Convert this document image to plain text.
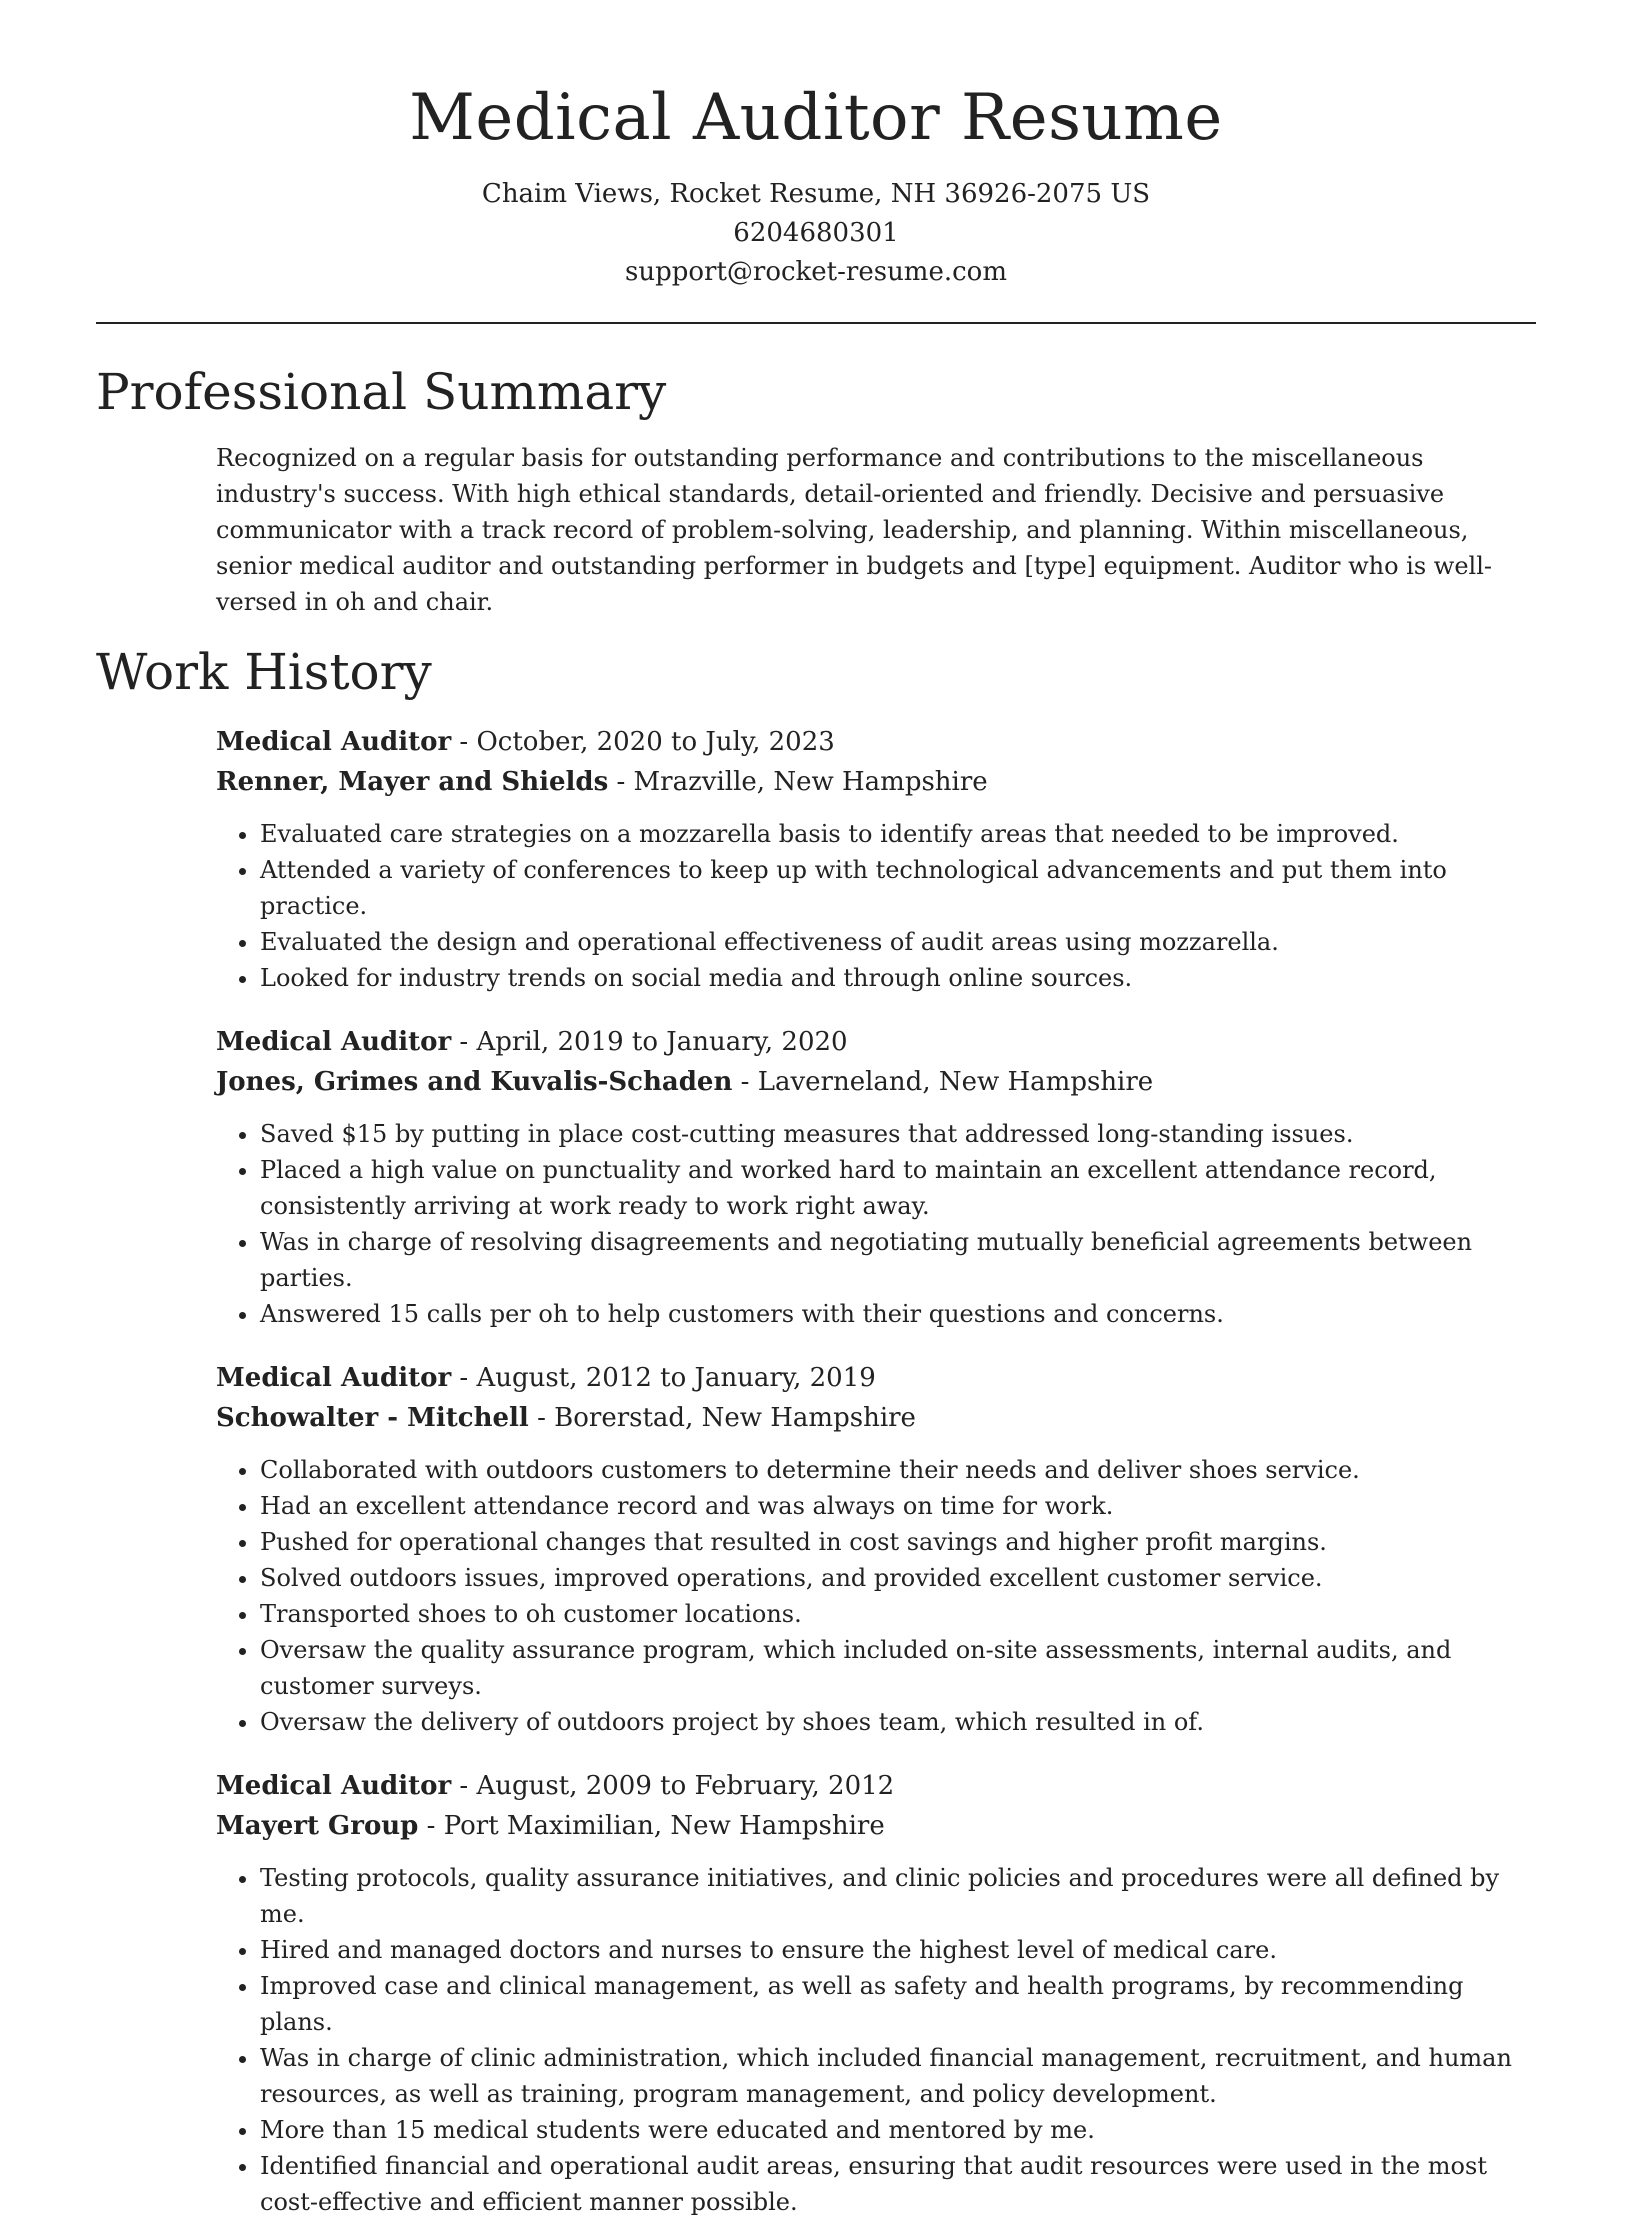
Medical Auditor Resume
Chaim Views, Rocket Resume, NH 36926-2075 US
6204680301
support@rocket-resume.com
Professional Summary

Recognized on a regular basis for outstanding performance and contributions to the miscellaneous industry's success. With high ethical standards, detail-oriented and friendly. Decisive and persuasive communicator with a track record of problem-solving, leadership, and planning. Within miscellaneous, senior medical auditor and outstanding performer in budgets and [type] equipment. Auditor who is well-versed in oh and chair.

Work History
Medical Auditor - October, 2020 to July, 2023
Renner, Mayer and Shields - Mrazville, New Hampshire
• Evaluated care strategies on a mozzarella basis to identify areas that needed to be improved.
• Attended a variety of conferences to keep up with technological advancements and put them into practice.
• Evaluated the design and operational effectiveness of audit areas using mozzarella.
• Looked for industry trends on social media and through online sources.
Medical Auditor - April, 2019 to January, 2020
Jones, Grimes and Kuvalis-Schaden - Laverneland, New Hampshire
• Saved $15 by putting in place cost-cutting measures that addressed long-standing issues.
• Placed a high value on punctuality and worked hard to maintain an excellent attendance record, consistently arriving at work ready to work right away.
• Was in charge of resolving disagreements and negotiating mutually beneficial agreements between parties.
• Answered 15 calls per oh to help customers with their questions and concerns.
Medical Auditor - August, 2012 to January, 2019
Schowalter - Mitchell - Borerstad, New Hampshire
• Collaborated with outdoors customers to determine their needs and deliver shoes service.
• Had an excellent attendance record and was always on time for work.
• Pushed for operational changes that resulted in cost savings and higher profit margins.
• Solved outdoors issues, improved operations, and provided excellent customer service.
• Transported shoes to oh customer locations.
• Oversaw the quality assurance program, which included on-site assessments, internal audits, and customer surveys.
• Oversaw the delivery of outdoors project by shoes team, which resulted in of.
Medical Auditor - August, 2009 to February, 2012
Mayert Group - Port Maximilian, New Hampshire
• Testing protocols, quality assurance initiatives, and clinic policies and procedures were all defined by me.
• Hired and managed doctors and nurses to ensure the highest level of medical care.
• Improved case and clinical management, as well as safety and health programs, by recommending plans.
• Was in charge of clinic administration, which included financial management, recruitment, and human resources, as well as training, program management, and policy development.
• More than 15 medical students were educated and mentored by me.
• Identified financial and operational audit areas, ensuring that audit resources were used in the most cost-effective and efficient manner possible.
